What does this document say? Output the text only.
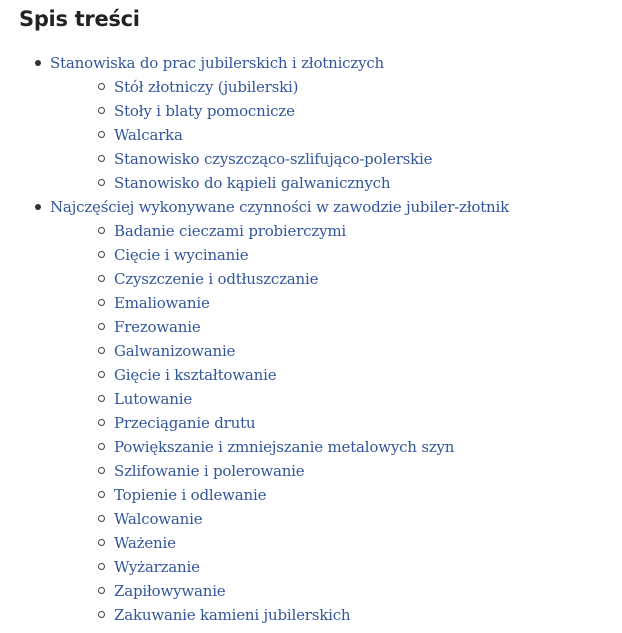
Spis treści
Stanowiska do prac jubilerskich i złotniczych
Stół złotniczy (jubilerski)
Stoły i blaty pomocnicze
Walcarka
Stanowisko czyszcząco-szlifująco-polerskie
Stanowisko do kąpieli galwanicznych
Najczęściej wykonywane czynności w zawodzie jubiler-złotnik
Badanie cieczami probierczymi
Cięcie i wycinanie
Czyszczenie i odtłuszczanie
Emaliowanie
Frezowanie
Galwanizowanie
Gięcie i kształtowanie
Lutowanie
Przeciąganie drutu
Powiększanie i zmniejszanie metalowych szyn
Szlifowanie i polerowanie
Topienie i odlewanie
Walcowanie
Ważenie
Wyżarzanie
Zapiłowywanie
Zakuwanie kamieni jubilerskich
